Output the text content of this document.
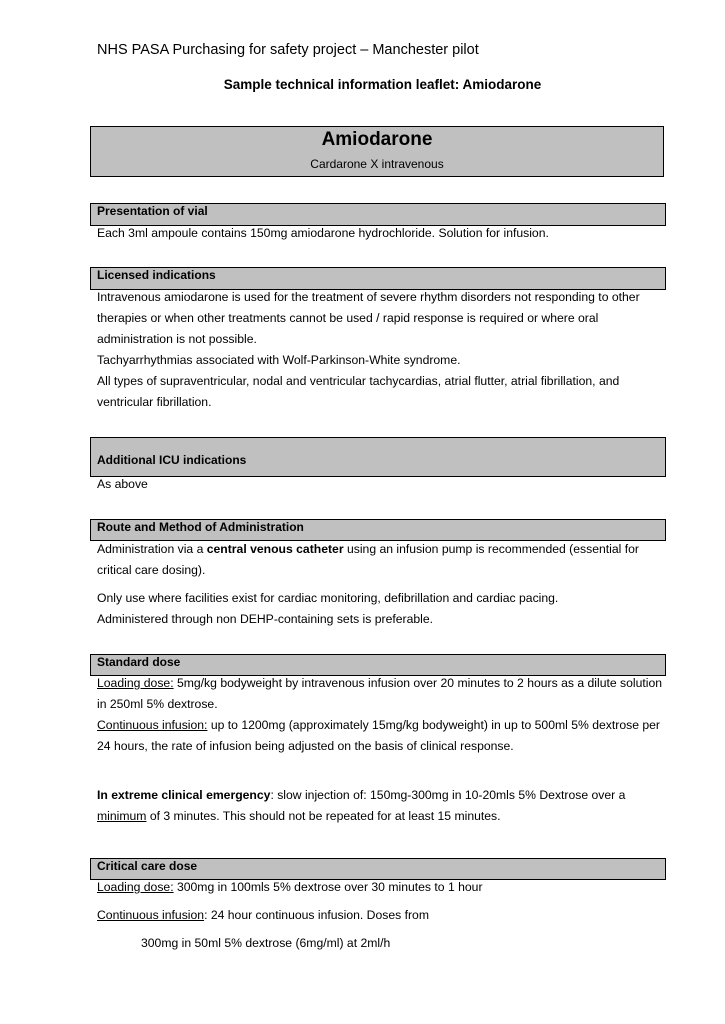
NHS PASA Purchasing for safety project – Manchester pilot
Sample technical information leaflet: Amiodarone
Amiodarone
Cardarone X intravenous
Presentation of vial
Each 3ml ampoule contains 150mg amiodarone hydrochloride. Solution for infusion.
Licensed indications
Intravenous amiodarone is used for the treatment of severe rhythm disorders not responding to other
therapies or when other treatments cannot be used / rapid response is required or where oral
administration is not possible.
Tachyarrhythmias associated with Wolf-Parkinson-White syndrome.
All types of supraventricular, nodal and ventricular tachycardias, atrial flutter, atrial fibrillation, and
ventricular fibrillation.
Additional ICU indications
As above
Route and Method of Administration
Administration via a central venous catheter using an infusion pump is recommended (essential for
critical care dosing).
Only use where facilities exist for cardiac monitoring, defibrillation and cardiac pacing.
Administered through non DEHP-containing sets is preferable.
Standard dose
Loading dose: 5mg/kg bodyweight by intravenous infusion over 20 minutes to 2 hours as a dilute solution
in 250ml 5% dextrose.
Continuous infusion: up to 1200mg (approximately 15mg/kg bodyweight) in up to 500ml 5% dextrose per
24 hours, the rate of infusion being adjusted on the basis of clinical response.
In extreme clinical emergency: slow injection of: 150mg-300mg in 10-20mls 5% Dextrose over a
minimum of 3 minutes. This should not be repeated for at least 15 minutes.
Critical care dose
Loading dose: 300mg in 100mls 5% dextrose over 30 minutes to 1 hour
Continuous infusion: 24 hour continuous infusion. Doses from
300mg in 50ml 5% dextrose (6mg/ml) at 2ml/h
